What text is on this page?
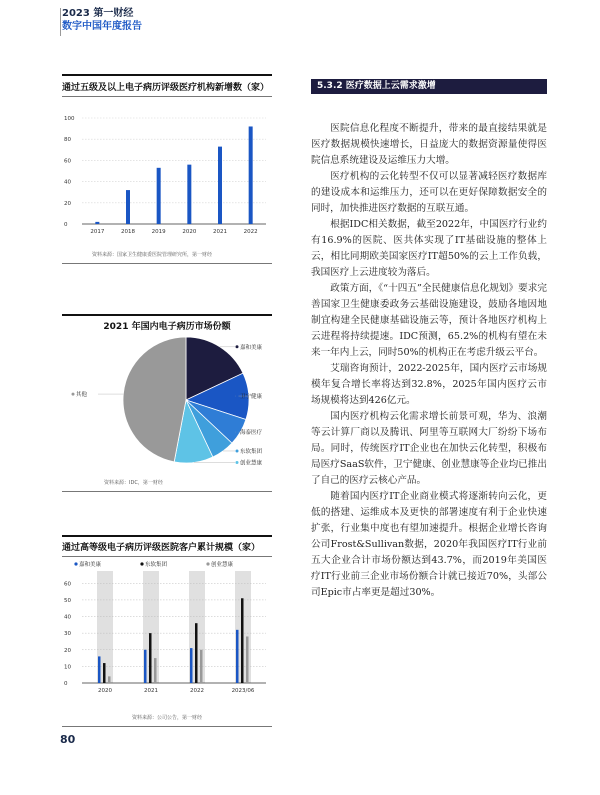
2023 第一财经
数字中国年度报告
通过五级及以上电子病历评级医疗机构新增数（家）
0
20
40
60
80
100
2017	2018	2019	2020	2021	2022
资料来源：国家卫生健康委医院管理研究所，第一财经
2021 年国内电子病历市场份额
嘉和美康
卫宁健康
海泰医疗
东软集团
创业慧康
其他
资料来源：IDC，第一财经
通过高等级电子病历评级医院客户累计规模（家）
嘉和美康	东软集团	创业慧康
0
10
20
30
40
50
60
2020	2021	2022	2023/06
资料来源：公司公告，第一财经
80
5.3.2 医疗数据上云需求激增

医院信息化程度不断提升，带来的最直接结果就是医疗数据规模快速增长，日益庞大的数据资源量使得医院信息系统建设及运维压力大增。

医疗机构的云化转型不仅可以显著减轻医疗数据库的建设成本和运维压力，还可以在更好保障数据安全的同时，加快推进医疗数据的互联互通。

根据IDC相关数据，截至2022年，中国医疗行业约有16.9%的医院、医共体实现了IT基础设施的整体上云，相比同期欧美国家医疗IT超50%的云上工作负载，我国医疗上云进度较为落后。

政策方面，《“十四五”全民健康信息化规划》要求完善国家卫生健康委政务云基础设施建设，鼓励各地因地制宜构建全民健康基础设施云等，预计各地医疗机构上云进程将持续提速。IDC预测，65.2%的机构有望在未来一年内上云，同时50%的机构正在考虑升级云平台。

艾瑞咨询预计，2022-2025年，国内医疗云市场规模年复合增长率将达到32.8%，2025年国内医疗云市场规模将达到426亿元。

国内医疗机构云化需求增长前景可观，华为、浪潮等云计算厂商以及腾讯、阿里等互联网大厂纷纷下场布局。同时，传统医疗IT企业也在加快云化转型，积极布局医疗SaaS软件，卫宁健康、创业慧康等企业均已推出了自己的医疗云核心产品。

随着国内医疗IT企业商业模式将逐渐转向云化，更低的搭建、运维成本及更快的部署速度有利于企业快速扩张，行业集中度也有望加速提升。根据企业增长咨询公司Frost&Sullivan数据，2020年我国医疗IT行业前五大企业合计市场份额达到43.7%，而2019年美国医疗IT行业前三企业市场份额合计就已接近70%，头部公司Epic市占率更是超过30%。
